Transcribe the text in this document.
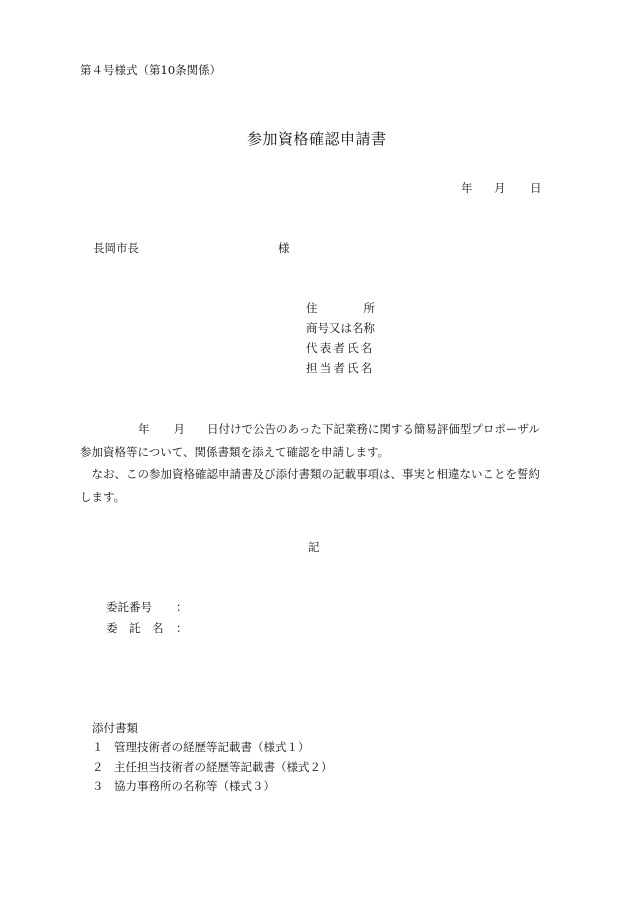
第４号様式（第10条関係）
参加資格確認申請書
年 月 日
長岡市長	様
住　　　　所
商号又は名称
代表者氏名
担当者氏名

年 月 日付けで公告のあった下記業務に関する簡易評価型プロポーザル

参加資格等について、関係書類を添えて確認を申請します。

　なお、この参加資格確認申請書及び添付書類の記載事項は、事実と相違ないことを誓約

します。

記
委託番号	：
委　託　名	：
添付書類
１ 管理技術者の経歴等記載書（様式１）
２ 主任担当技術者の経歴等記載書（様式２）
３ 協力事務所の名称等（様式３）
